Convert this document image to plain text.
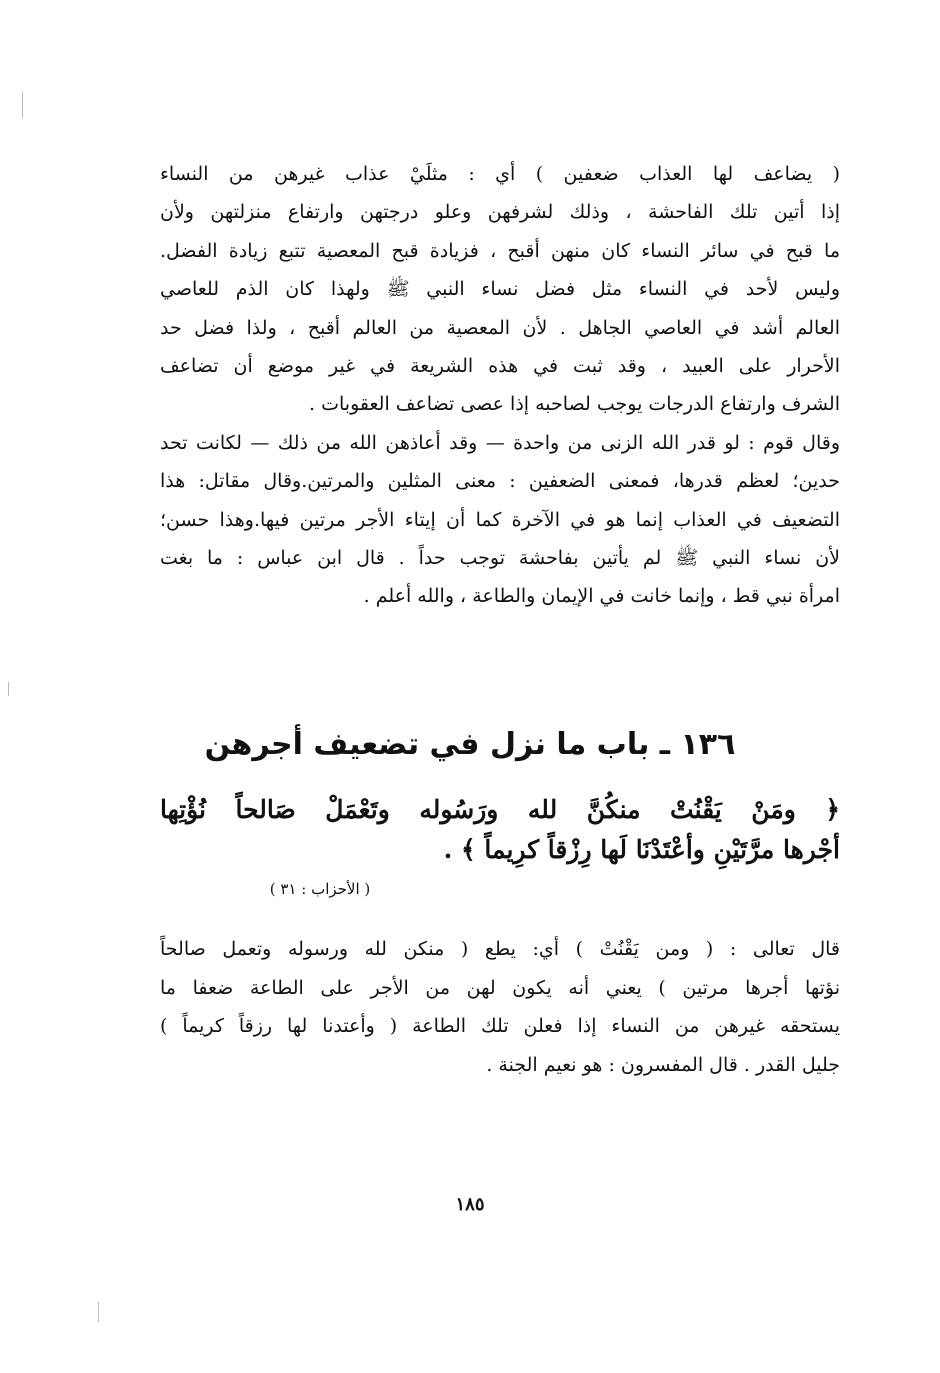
( يضاعف لها العذاب ضعفين ) أي : مثلَيْ عذاب غيرهن من النساء
إذا أتين تلك الفاحشة ، وذلك لشرفهن وعلو درجتهن وارتفاع منزلتهن ولأن
ما قبح في سائر النساء كان منهن أقبح ، فزيادة قبح المعصية تتبع زيادة الفضل.
وليس لأحد في النساء مثل فضل نساء النبي ﷺ ولهذا كان الذم للعاصي
العالم أشد في العاصي الجاهل . لأن المعصية من العالم أقبح ، ولذا فضل حد
الأحرار على العبيد ، وقد ثبت في هذه الشريعة في غير موضع أن تضاعف
الشرف وارتفاع الدرجات يوجب لصاحبه إذا عصى تضاعف العقوبات .
وقال قوم : لو قدر الله الزنى من واحدة — وقد أعاذهن الله من ذلك — لكانت تحد
حدين؛ لعظم قدرها، فمعنى الضعفين : معنى المثلين والمرتين.وقال مقاتل: هذا
التضعيف في العذاب إنما هو في الآخرة كما أن إيتاء الأجر مرتين فيها.وهذا حسن؛
لأن نساء النبي ﷺ لم يأتين بفاحشة توجب حداً . قال ابن عباس : ما بغت
امرأة نبي قط ، وإنما خانت في الإيمان والطاعة ، والله أعلم .
١٣٦ ـ باب ما نزل في تضعيف أجرهن
﴿ ومَنْ يَقْنُتْ منكُنَّ لله ورَسُوله وتَعْمَلْ صَالحاً نُؤْتِها
أجْرها مرَّتَيْنِ وأعْتَدْنَا لَها رِزْقاً كرِيماً ﴾ .
( الأحزاب : ٣١ )
قال تعالى : ( ومن يَقْنُتْ ) أي: يطع ( منكن لله ورسوله وتعمل صالحاً
نؤتها أجرها مرتين ) يعني أنه يكون لهن من الأجر على الطاعة ضعفا ما
يستحقه غيرهن من النساء إذا فعلن تلك الطاعة ( وأعتدنا لها رزقاً كريماً )
جليل القدر . قال المفسرون : هو نعيم الجنة .
١٨٥
